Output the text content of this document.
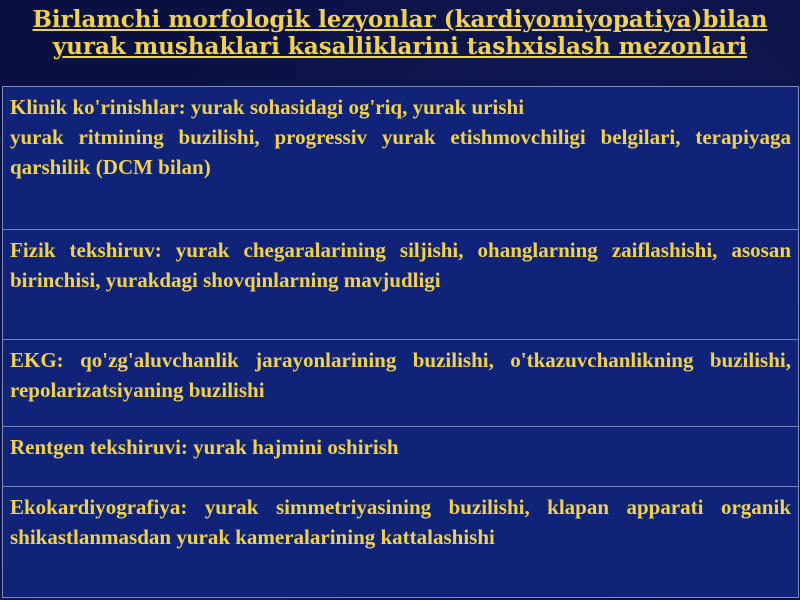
Birlamchi morfologik lezyonlar (kardiyomiyopatiya)bilan
yurak mushaklari kasalliklarini tashxislash mezonlari
Klinik ko'rinishlar: yurak sohasidagi og'riq, yurak urishi
yurak ritmining buzilishi, progressiv yurak etishmovchiligi belgilari, terapiyaga qarshilik (DCM bilan)
Fizik tekshiruv: yurak chegaralarining siljishi, ohanglarning zaiflashishi, asosan birinchisi, yurakdagi shovqinlarning mavjudligi
EKG: qo'zg'aluvchanlik jarayonlarining buzilishi, o'tkazuvchanlikning buzilishi, repolarizatsiyaning buzilishi
Rentgen tekshiruvi: yurak hajmini oshirish
Ekokardiyografiya: yurak simmetriyasining buzilishi, klapan apparati organik shikastlanmasdan yurak kameralarining kattalashishi
